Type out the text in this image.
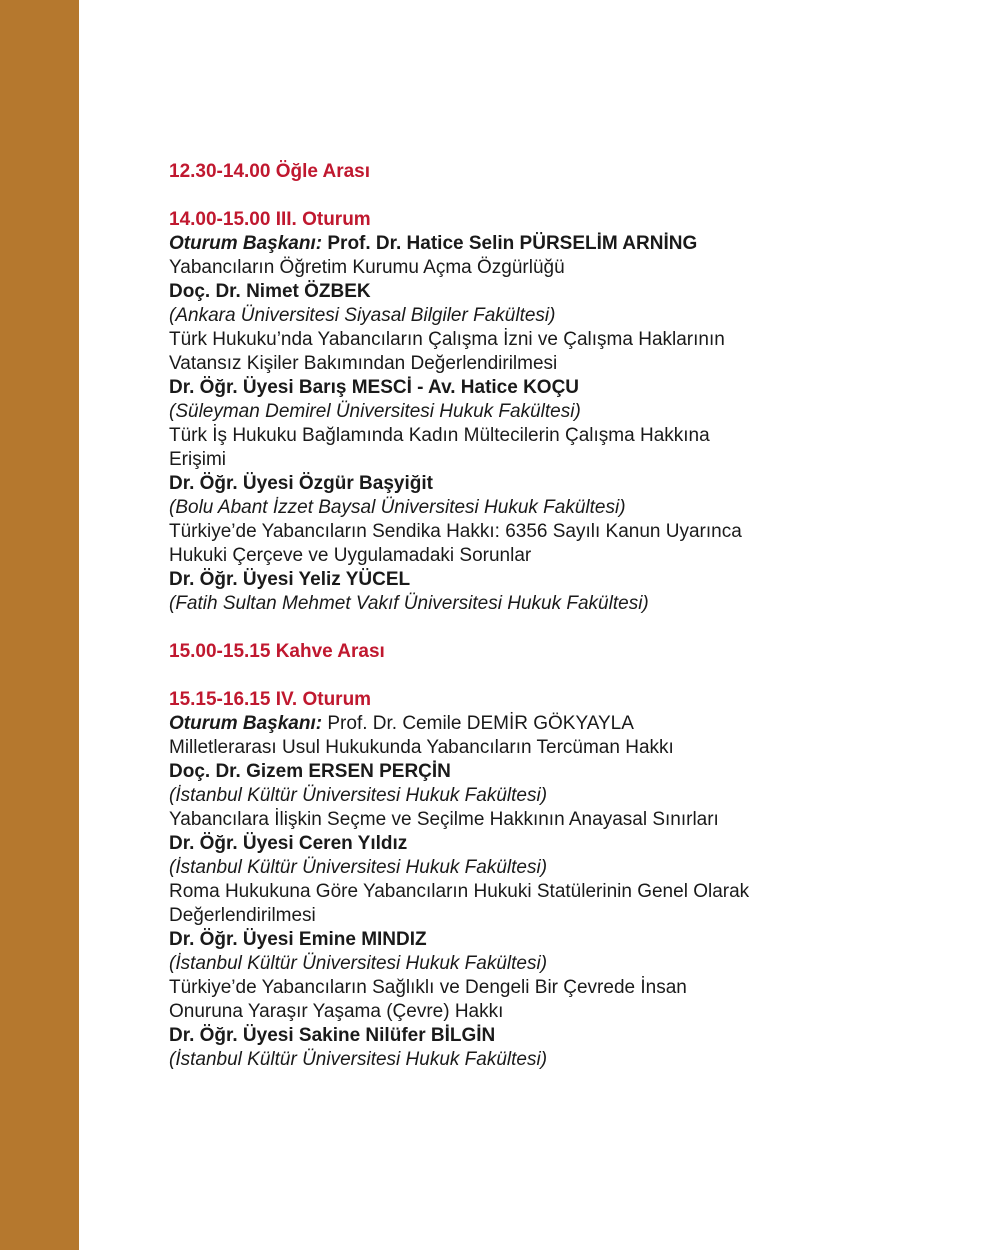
12.30-14.00 Öğle Arası
14.00-15.00 III. Oturum
Oturum Başkanı: Prof. Dr. Hatice Selin PÜRSELİM ARNİNG
Yabancıların Öğretim Kurumu Açma Özgürlüğü
Doç. Dr. Nimet ÖZBEK
(Ankara Üniversitesi Siyasal Bilgiler Fakültesi)
Türk Hukuku’nda Yabancıların Çalışma İzni ve Çalışma Haklarının
Vatansız Kişiler Bakımından Değerlendirilmesi
Dr. Öğr. Üyesi Barış MESCİ - Av. Hatice KOÇU
(Süleyman Demirel Üniversitesi Hukuk Fakültesi)
Türk İş Hukuku Bağlamında Kadın Mültecilerin Çalışma Hakkına
Erişimi
Dr. Öğr. Üyesi Özgür Başyiğit
(Bolu Abant İzzet Baysal Üniversitesi Hukuk Fakültesi)
Türkiye’de Yabancıların Sendika Hakkı: 6356 Sayılı Kanun Uyarınca
Hukuki Çerçeve ve Uygulamadaki Sorunlar
Dr. Öğr. Üyesi Yeliz YÜCEL
(Fatih Sultan Mehmet Vakıf Üniversitesi Hukuk Fakültesi)
15.00-15.15 Kahve Arası
15.15-16.15 IV. Oturum
Oturum Başkanı: Prof. Dr. Cemile DEMİR GÖKYAYLA
Milletlerarası Usul Hukukunda Yabancıların Tercüman Hakkı
Doç. Dr. Gizem ERSEN PERÇİN
(İstanbul Kültür Üniversitesi Hukuk Fakültesi)
Yabancılara İlişkin Seçme ve Seçilme Hakkının Anayasal Sınırları
Dr. Öğr. Üyesi Ceren Yıldız
(İstanbul Kültür Üniversitesi Hukuk Fakültesi)
Roma Hukukuna Göre Yabancıların Hukuki Statülerinin Genel Olarak
Değerlendirilmesi
Dr. Öğr. Üyesi Emine MINDIZ
(İstanbul Kültür Üniversitesi Hukuk Fakültesi)
Türkiye’de Yabancıların Sağlıklı ve Dengeli Bir Çevrede İnsan
Onuruna Yaraşır Yaşama (Çevre) Hakkı
Dr. Öğr. Üyesi Sakine Nilüfer BİLGİN
(İstanbul Kültür Üniversitesi Hukuk Fakültesi)
